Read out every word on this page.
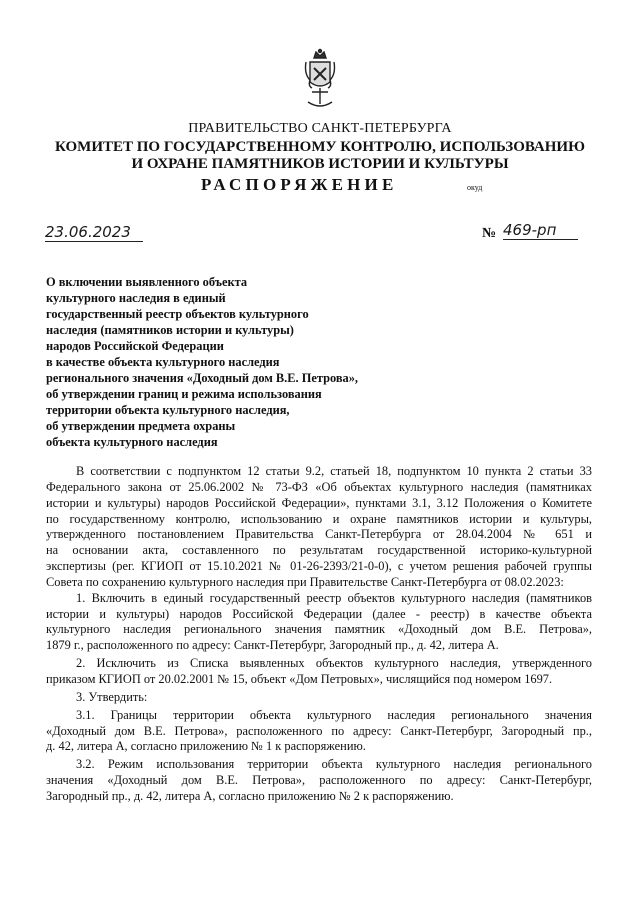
ПРАВИТЕЛЬСТВО САНКТ-ПЕТЕРБУРГА
КОМИТЕТ ПО ГОСУДАРСТВЕННОМУ КОНТРОЛЮ, ИСПОЛЬЗОВАНИЮ
И ОХРАНЕ ПАМЯТНИКОВ ИСТОРИИ И КУЛЬТУРЫ
РАСПОРЯЖЕНИЕ	окуд
23.06.2023	№ 469-рп
О включении выявленного объекта
культурного наследия в единый
государственный реестр объектов культурного
наследия (памятников истории и культуры)
народов Российской Федерации
в качестве объекта культурного наследия
регионального значения «Доходный дом В.Е. Петрова»,
об утверждении границ и режима использования
территории объекта культурного наследия,
об утверждении предмета охраны
объекта культурного наследия
В соответствии с подпунктом 12 статьи 9.2, статьей 18, подпунктом 10 пункта 2 статьи 33
Федерального закона от 25.06.2002 № 73-ФЗ «Об объектах культурного наследия (памятниках
истории и культуры) народов Российской Федерации», пунктами 3.1, 3.12 Положения о Комитете
по государственному контролю, использованию и охране памятников истории и культуры,
утвержденного постановлением Правительства Санкт-Петербурга от 28.04.2004 № 651 и
на основании акта, составленного по результатам государственной историко-культурной
экспертизы (рег. КГИОП от 15.10.2021 № 01-26-2393/21-0-0), с учетом решения рабочей группы
Совета по сохранению культурного наследия при Правительстве Санкт-Петербурга от 08.02.2023:
1. Включить в единый государственный реестр объектов культурного наследия (памятников
истории и культуры) народов Российской Федерации (далее - реестр) в качестве объекта
культурного наследия регионального значения памятник «Доходный дом В.Е. Петрова»,
1879 г., расположенного по адресу: Санкт-Петербург, Загородный пр., д. 42, литера А.
2. Исключить из Списка выявленных объектов культурного наследия, утвержденного
приказом КГИОП от 20.02.2001 № 15, объект «Дом Петровых», числящийся под номером 1697.
3. Утвердить:
3.1. Границы территории объекта культурного наследия регионального значения
«Доходный дом В.Е. Петрова», расположенного по адресу: Санкт-Петербург, Загородный пр.,
д. 42, литера А, согласно приложению № 1 к распоряжению.
3.2. Режим использования территории объекта культурного наследия регионального
значения «Доходный дом В.Е. Петрова», расположенного по адресу: Санкт-Петербург,
Загородный пр., д. 42, литера А, согласно приложению № 2 к распоряжению.
